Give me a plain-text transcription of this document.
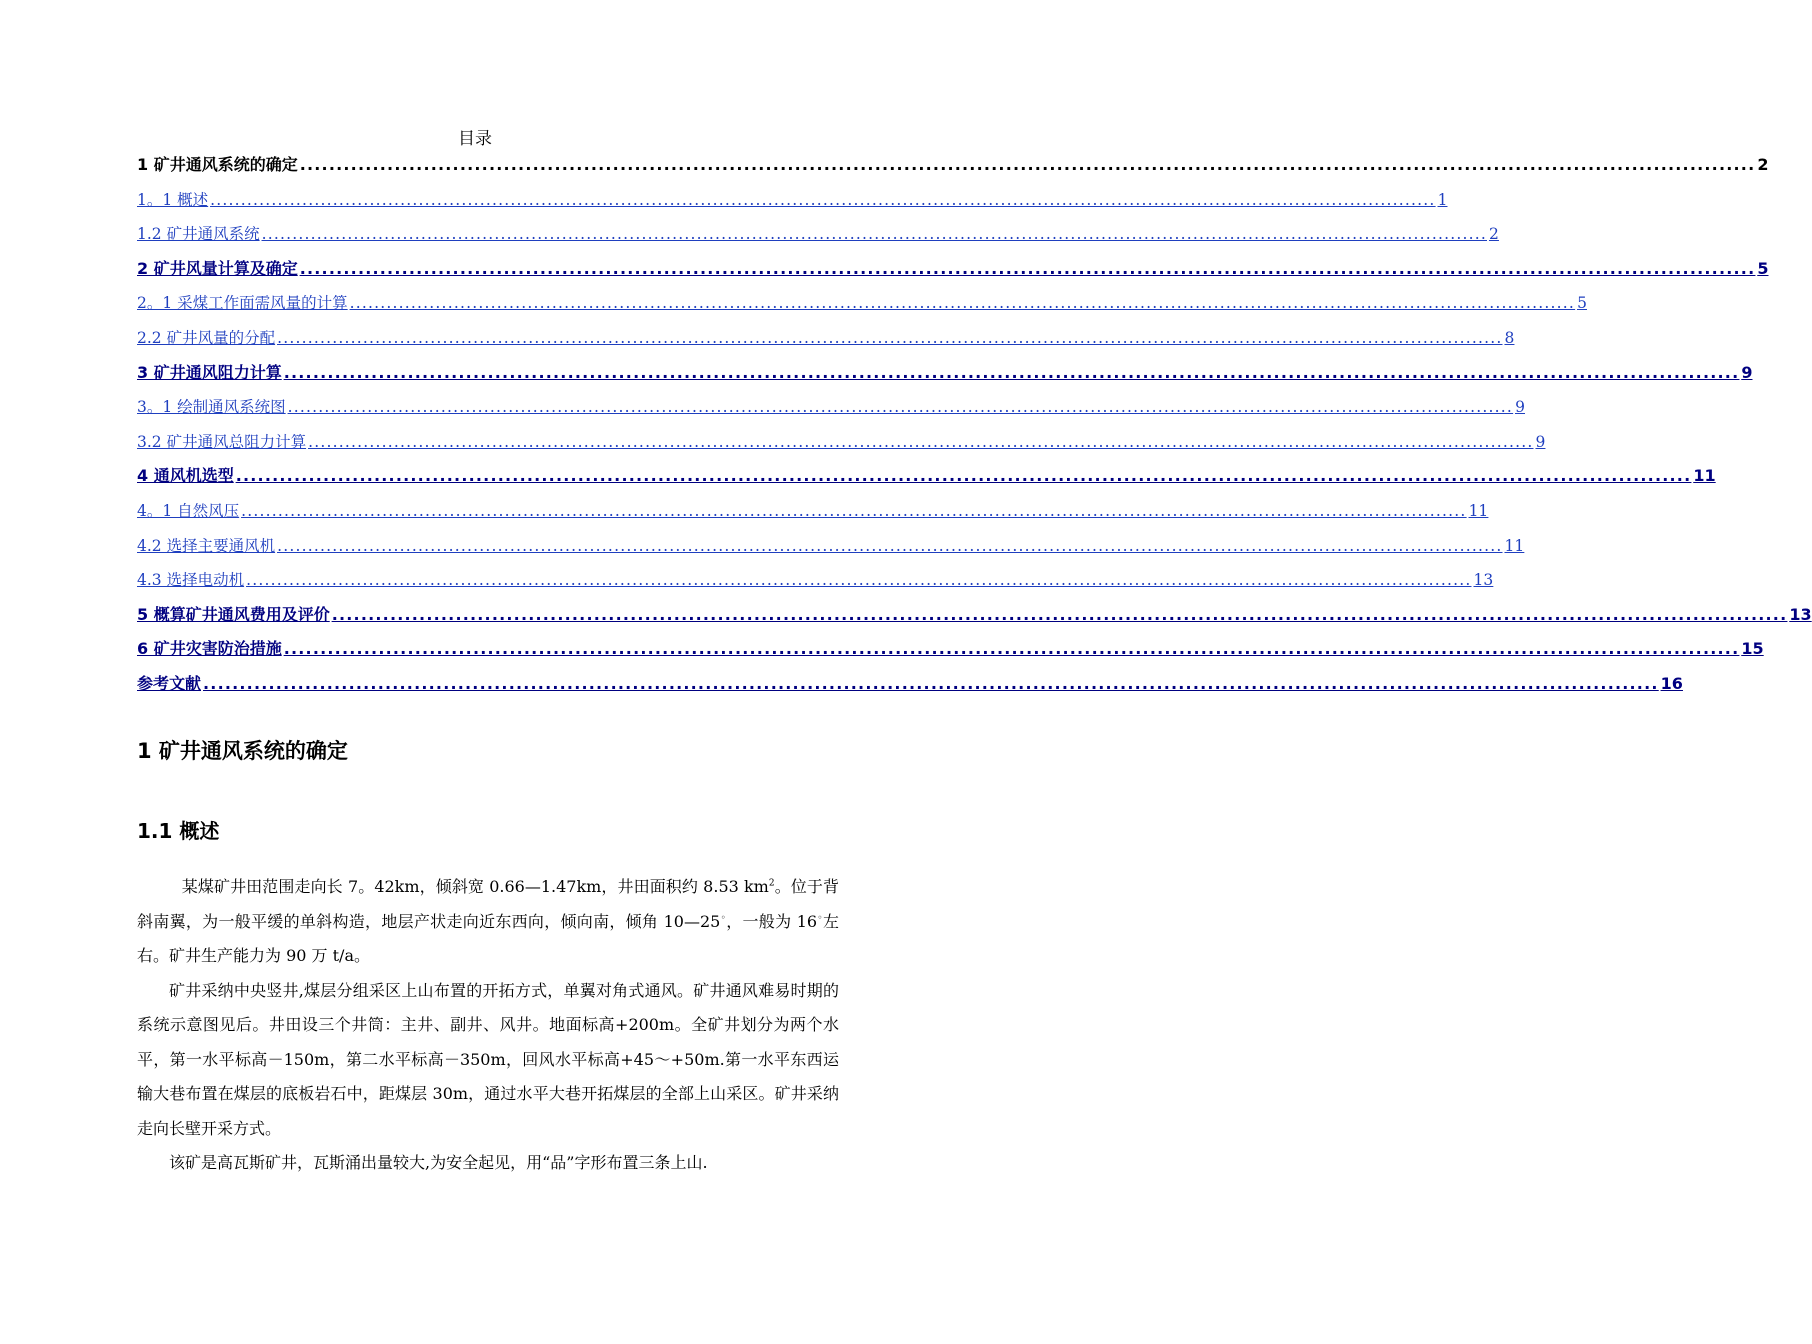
目录
1 矿井通风系统的确定 ........................................................................................................................................................................................................ 2
1。1 概述 ........................................................................................................................................................................................................ 1
1.2 矿井通风系统 ........................................................................................................................................................................................................ 2
2 矿井风量计算及确定 ........................................................................................................................................................................................................ 5
2。1 采煤工作面需风量的计算 ........................................................................................................................................................................................................ 5
2.2 矿井风量的分配 ........................................................................................................................................................................................................ 8
3 矿井通风阻力计算 ........................................................................................................................................................................................................ 9
3。1 绘制通风系统图 ........................................................................................................................................................................................................ 9
3.2 矿井通风总阻力计算 ........................................................................................................................................................................................................ 9
4 通风机选型 ........................................................................................................................................................................................................ 11
4。1 自然风压 ........................................................................................................................................................................................................ 11
4.2 选择主要通风机 ........................................................................................................................................................................................................ 11
4.3 选择电动机 ........................................................................................................................................................................................................ 13
5 概算矿井通风费用及评价 ........................................................................................................................................................................................................ 13
6 矿井灾害防治措施 ........................................................................................................................................................................................................ 15
参考文献 ........................................................................................................................................................................................................ 16
1 矿井通风系统的确定
1.1 概述

某煤矿井田范围走向长 7。42km，倾斜宽 0.66—1.47km，井田面积约 8.53 $km^2$。位于背斜南翼，为一般平缓的单斜构造，地层产状走向近东西向，倾向南，倾角 10—25◦，一般为 16◦左右。矿井生产能力为 90 万 t/a。

矿井采纳中央竖井,煤层分组采区上山布置的开拓方式，单翼对角式通风。矿井通风难易时期的系统示意图见后。井田设三个井筒：主井、副井、风井。地面标高+200m。全矿井划分为两个水平，第一水平标高－150m，第二水平标高－350m，回风水平标高+45～+50m.第一水平东西运输大巷布置在煤层的底板岩石中，距煤层 30m，通过水平大巷开拓煤层的全部上山采区。矿井采纳走向长壁开采方式。

该矿是高瓦斯矿井，瓦斯涌出量较大,为安全起见，用“品”字形布置三条上山.
